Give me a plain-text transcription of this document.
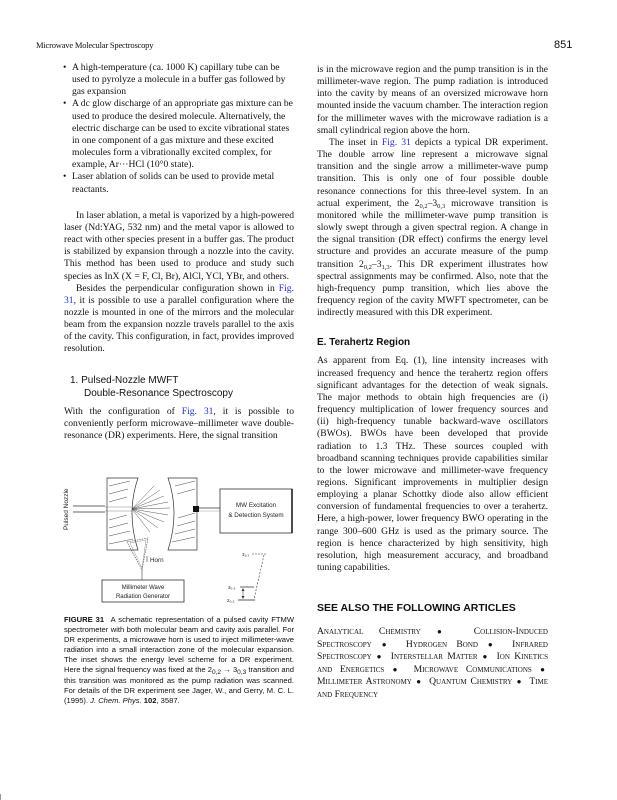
Microwave Molecular Spectroscopy	851
• A high-temperature (ca. 1000 K) capillary tube can be used to pyrolyze a molecule in a buffer gas followed by gas expansion
• A dc glow discharge of an appropriate gas mixture can be used to produce the desired molecule. Alternatively, the electric discharge can be used to excite vibrational states in one component of a gas mixture and these excited molecules form a vibrationally excited complex, for example, Ar···HCl (10°0 state).
• Laser ablation of solids can be used to provide metal reactants.

In laser ablation, a metal is vaporized by a high-powered laser (Nd:YAG, 532 nm) and the metal vapor is allowed to react with other species present in a buffer gas. The product is stabilized by expansion through a nozzle into the cavity. This method has been used to produce and study such species as InX (X = F, Cl, Br), AlCl, YCl, YBr, and others.

Besides the perpendicular configuration shown in Fig. 31, it is possible to use a parallel configuration where the nozzle is mounted in one of the mirrors and the molecular beam from the expansion nozzle travels parallel to the axis of the cavity. This configuration, in fact, provides improved resolution.

1. Pulsed-Nozzle MWFT
Double-Resonance Spectroscopy

With the configuration of Fig. 31, it is possible to conveniently perform microwave–millimeter wave double-resonance (DR) experiments. Here, the signal transition

Pulsed Nozzle	MW Excitation
& Detection System
Horn
Millimeter Wave
Radiation Generator
3₁,₃
3₀,₃
2₀,₂
FIGURE 31 A schematic representation of a pulsed cavity FTMW spectrometer with both molecular beam and cavity axis parallel. For DR experiments, a microwave horn is used to inject millimeter-wave radiation into a small interaction zone of the molecular expansion. The inset shows the energy level scheme for a DR experiment. Here the signal frequency was fixed at the $2_{0,2} \to 3_{0,3}$ transition and this transition was monitored as the pump radiation was scanned. For details of the DR experiment see Jager, W., and Gerry, M. C. L. (1995). J. Chem. Phys. 102, 3587.

is in the microwave region and the pump transition is in the millimeter-wave region. The pump radiation is introduced into the cavity by means of an oversized microwave horn mounted inside the vacuum chamber. The interaction region for the millimeter waves with the microwave radiation is a small cylindrical region above the horn.

The inset in Fig. 31 depicts a typical DR experiment. The double arrow line represent a microwave signal transition and the single arrow a millimeter-wave pump transition. This is only one of four possible double resonance connections for this three-level system. In an actual experiment, the $2_{0,2}-3_{0,3}$ microwave transition is monitored while the millimeter-wave pump transition is slowly swept through a given spectral region. A change in the signal transition (DR effect) confirms the energy level structure and provides an accurate measure of the pump transition $2_{0,2}-3_{1,3}$. This DR experiment illustrates how spectral assignments may be confirmed. Also, note that the high-frequency pump transition, which lies above the frequency region of the cavity MWFT spectrometer, can be indirectly measured with this DR experiment.

E. Terahertz Region

As apparent from Eq. (1), line intensity increases with increased frequency and hence the terahertz region offers significant advantages for the detection of weak signals. The major methods to obtain high frequencies are (i) frequency multiplication of lower frequency sources and (ii) high-frequency tunable backward-wave oscillators (BWOs). BWOs have been developed that provide radiation to 1.3 THz. These sources coupled with broadband scanning techniques provide capabilities similar to the lower microwave and millimeter-wave frequency regions. Significant improvements in multiplier design employing a planar Schottky diode also allow efficient conversion of fundamental frequencies to over a terahertz. Here, a high-power, lower frequency BWO operating in the range 300–600 GHz is used as the primary source. The region is hence characterized by high sensitivity, high resolution, high measurement accuracy, and broadband tuning capabilities.

SEE ALSO THE FOLLOWING ARTICLES
Analytical Chemistry ● Collision-Induced Spectroscopy ● Hydrogen Bond ● Infrared Spectroscopy ● Interstellar Matter ● Ion Kinetics and Energetics ● Microwave Communications ● Millimeter Astronomy ● Quantum Chemistry ● Time and Frequency
